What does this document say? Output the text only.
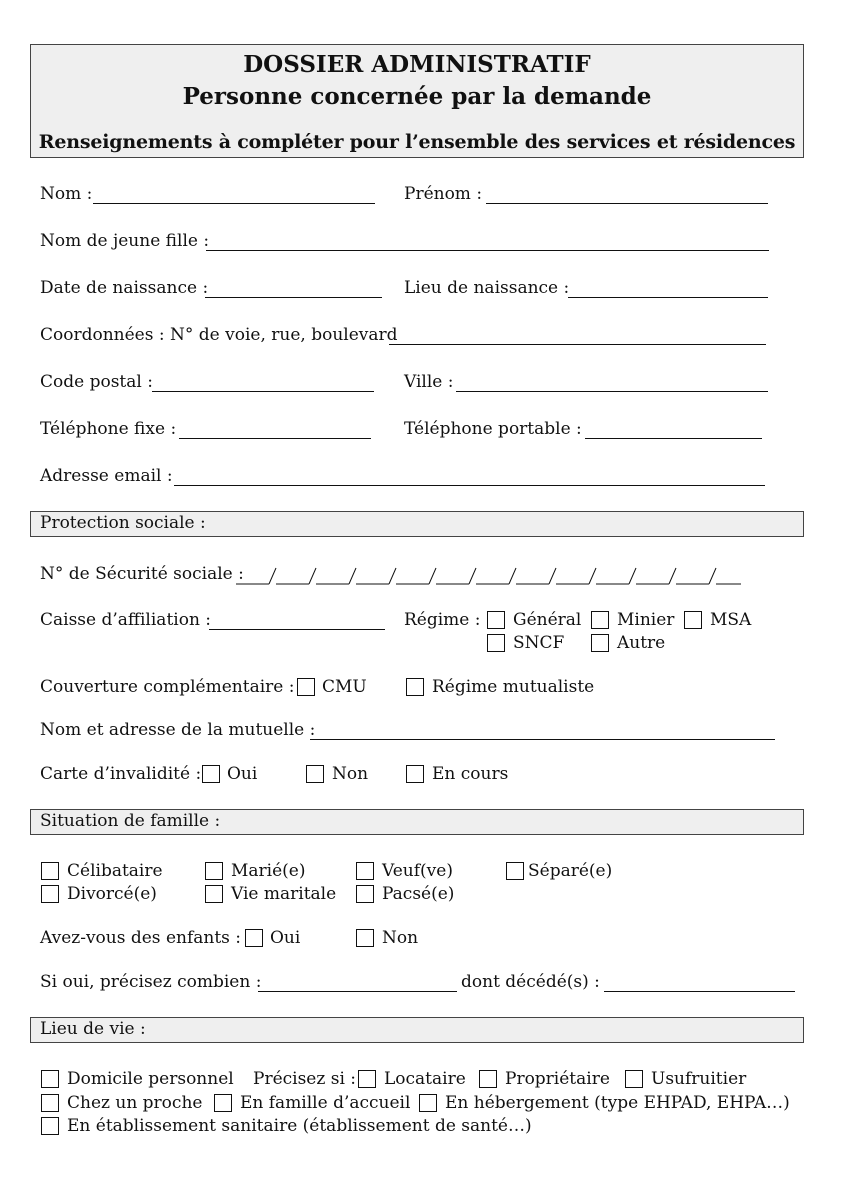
DOSSIER ADMINISTRATIF
Personne concernée par la demande
Renseignements à compléter pour l’ensemble des services et résidences
Nom :	Prénom :
Nom de jeune fille :
Date de naissance :	Lieu de naissance :
Coordonnées : N° de voie, rue, boulevard
Code postal :	Ville :
Téléphone fixe :	Téléphone portable :
Adresse email :
Protection sociale :
N° de Sécurité sociale :
Caisse d’affiliation :	Régime : Général Minier MSA
SNCF	Autre
Couverture complémentaire : CMU	Régime mutualiste
Nom et adresse de la mutuelle :
Carte d’invalidité : Oui	Non	En cours
Situation de famille :
Célibataire	Marié(e)	Veuf(ve)	Séparé(e)
Divorcé(e)	Vie maritale	Pacsé(e)
Avez-vous des enfants : Oui	Non
Si oui, précisez combien :	dont décédé(s) :
Lieu de vie :
Domicile personnel Précisez si : Locataire Propriétaire Usufruitier
Chez un proche En famille d’accueil En hébergement (type EHPAD, EHPA…)
En établissement sanitaire (établissement de santé…)
